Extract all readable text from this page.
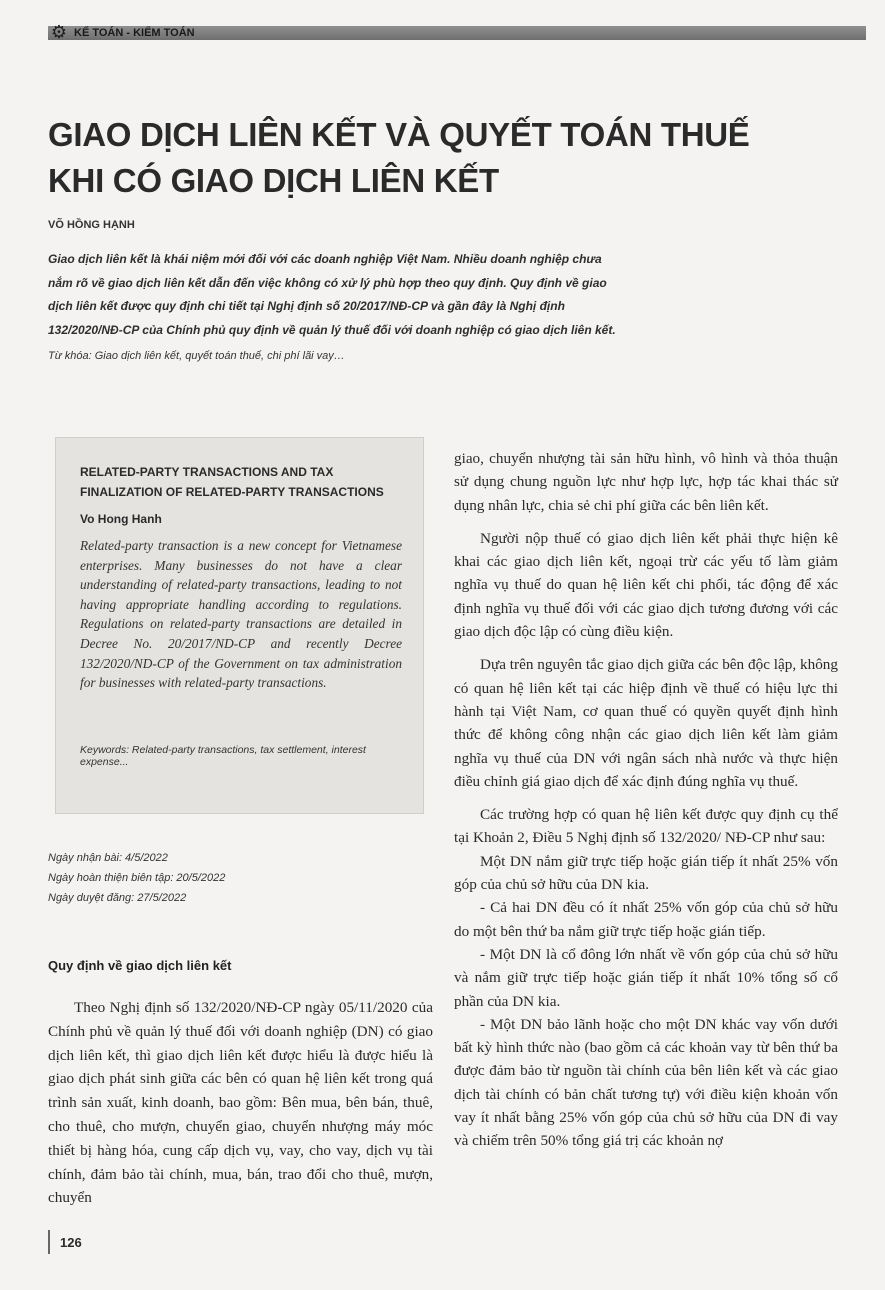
⚙ KẾ TOÁN - KIỂM TOÁN
GIAO DỊCH LIÊN KẾT VÀ QUYẾT TOÁN THUẾ
KHI CÓ GIAO DỊCH LIÊN KẾT
VÕ HỒNG HẠNH
Giao dịch liên kết là khái niệm mới đối với các doanh nghiệp Việt Nam. Nhiều doanh nghiệp chưa nắm rõ về giao dịch liên kết dẫn đến việc không có xử lý phù hợp theo quy định. Quy định về giao dịch liên kết được quy định chi tiết tại Nghị định số 20/2017/NĐ-CP và gần đây là Nghị định 132/2020/NĐ-CP của Chính phủ quy định về quản lý thuế đối với doanh nghiệp có giao dịch liên kết.
Từ khóa: Giao dịch liên kết, quyết toán thuế, chi phí lãi vay…
RELATED-PARTY TRANSACTIONS AND TAX FINALIZATION OF RELATED-PARTY TRANSACTIONS
Vo Hong Hanh
Related-party transaction is a new concept for Vietnamese enterprises. Many businesses do not have a clear understanding of related-party transactions, leading to not having appropriate handling according to regulations. Regulations on related-party transactions are detailed in Decree No. 20/2017/ND-CP and recently Decree 132/2020/ND-CP of the Government on tax administration for businesses with related-party transactions.
Keywords: Related-party transactions, tax settlement, interest expense...
Ngày nhận bài: 4/5/2022
Ngày hoàn thiện biên tập: 20/5/2022
Ngày duyệt đăng: 27/5/2022
Quy định về giao dịch liên kết

Theo Nghị định số 132/2020/NĐ-CP ngày 05/11/2020 của Chính phủ về quản lý thuế đối với doanh nghiệp (DN) có giao dịch liên kết, thì giao dịch liên kết được hiểu là được hiểu là giao dịch phát sinh giữa các bên có quan hệ liên kết trong quá trình sản xuất, kinh doanh, bao gồm: Bên mua, bên bán, thuê, cho thuê, cho mượn, chuyển giao, chuyển nhượng máy móc thiết bị hàng hóa, cung cấp dịch vụ, vay, cho vay, dịch vụ tài chính, đảm bảo tài chính, mua, bán, trao đổi cho thuê, mượn, chuyển

giao, chuyển nhượng tài sản hữu hình, vô hình và thỏa thuận sử dụng chung nguồn lực như hợp lực, hợp tác khai thác sử dụng nhân lực, chia sẻ chi phí giữa các bên liên kết.

Người nộp thuế có giao dịch liên kết phải thực hiện kê khai các giao dịch liên kết, ngoại trừ các yếu tố làm giảm nghĩa vụ thuế do quan hệ liên kết chi phối, tác động để xác định nghĩa vụ thuế đối với các giao dịch tương đương với các giao dịch độc lập có cùng điều kiện.

Dựa trên nguyên tắc giao dịch giữa các bên độc lập, không có quan hệ liên kết tại các hiệp định về thuế có hiệu lực thi hành tại Việt Nam, cơ quan thuế có quyền quyết định hình thức để không công nhận các giao dịch liên kết làm giảm nghĩa vụ thuế của DN với ngân sách nhà nước và thực hiện điều chỉnh giá giao dịch để xác định đúng nghĩa vụ thuế.

Các trường hợp có quan hệ liên kết được quy định cụ thể tại Khoản 2, Điều 5 Nghị định số 132/2020/ NĐ-CP như sau:

Một DN nắm giữ trực tiếp hoặc gián tiếp ít nhất 25% vốn góp của chủ sở hữu của DN kia.

- Cả hai DN đều có ít nhất 25% vốn góp của chủ sở hữu do một bên thứ ba nắm giữ trực tiếp hoặc gián tiếp.

- Một DN là cổ đông lớn nhất về vốn góp của chủ sở hữu và nắm giữ trực tiếp hoặc gián tiếp ít nhất 10% tổng số cổ phần của DN kia.

- Một DN bảo lãnh hoặc cho một DN khác vay vốn dưới bất kỳ hình thức nào (bao gồm cả các khoản vay từ bên thứ ba được đảm bảo từ nguồn tài chính của bên liên kết và các giao dịch tài chính có bản chất tương tự) với điều kiện khoản vốn vay ít nhất bằng 25% vốn góp của chủ sở hữu của DN đi vay và chiếm trên 50% tổng giá trị các khoản nợ

126
